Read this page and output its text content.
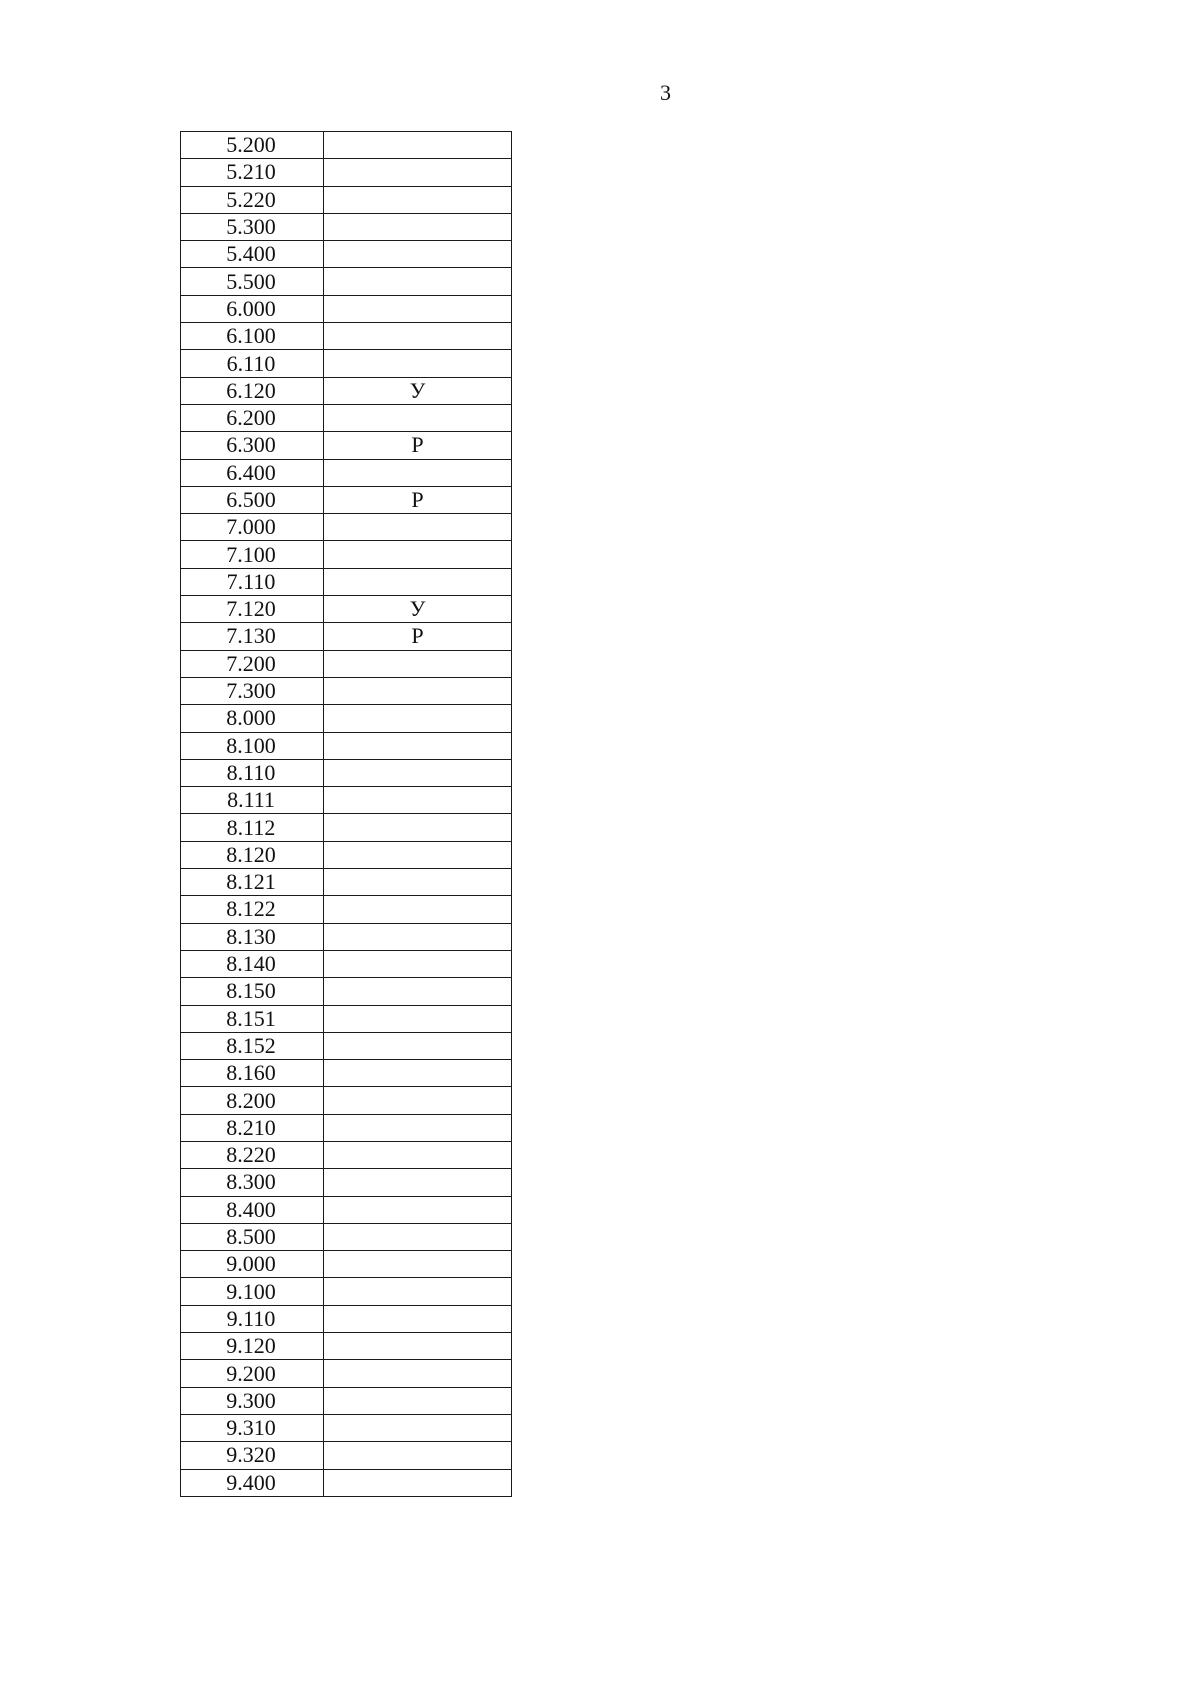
3
5.200	
5.210	
5.220	
5.300	
5.400	
5.500	
6.000	
6.100	
6.110	
6.120	У
6.200	
6.300	Р
6.400	
6.500	Р
7.000	
7.100	
7.110	
7.120	У
7.130	Р
7.200	
7.300	
8.000	
8.100	
8.110	
8.111	
8.112	
8.120	
8.121	
8.122	
8.130	
8.140	
8.150	
8.151	
8.152	
8.160	
8.200	
8.210	
8.220	
8.300	
8.400	
8.500	
9.000	
9.100	
9.110	
9.120	
9.200	
9.300	
9.310	
9.320	
9.400	
